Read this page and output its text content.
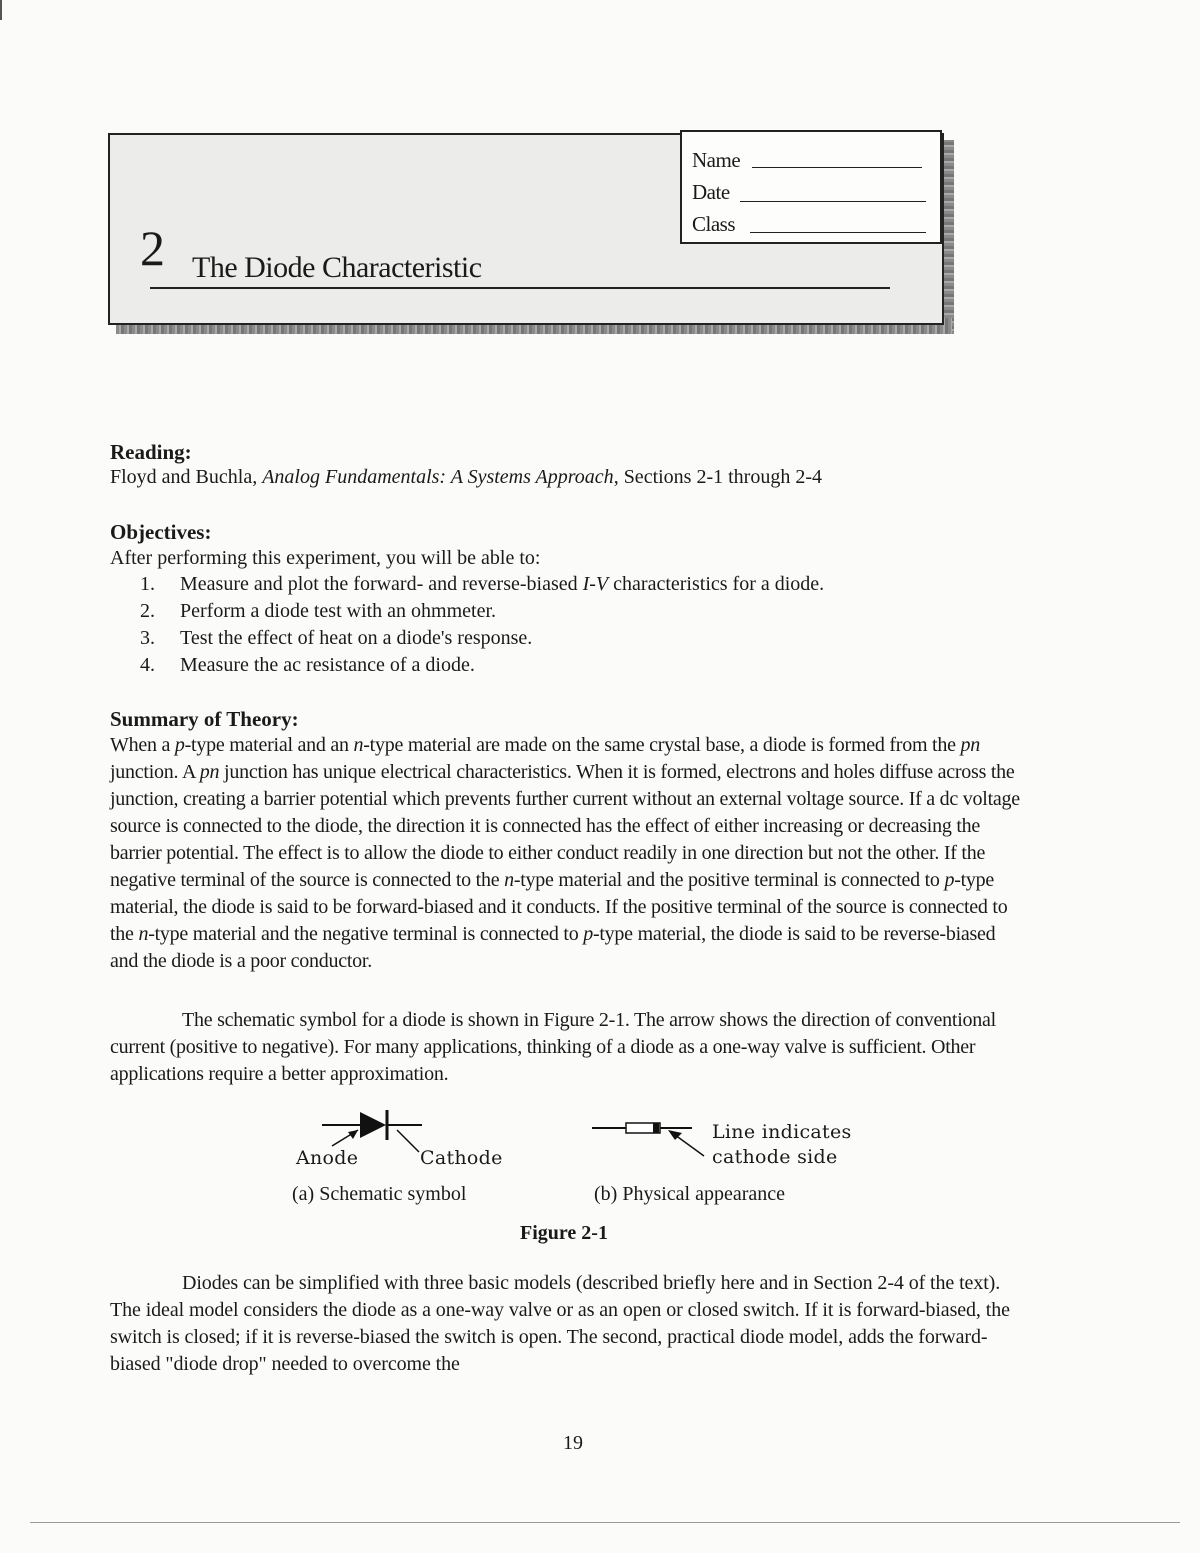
2 The Diode Characteristic
Name
Date
Class
Reading:
Floyd and Buchla, Analog Fundamentals: A Systems Approach, Sections 2-1 through 2-4
Objectives:
After performing this experiment, you will be able to:
1.	Measure and plot the forward- and reverse-biased I-V characteristics for a diode.
2.	Perform a diode test with an ohmmeter.
3.	Test the effect of heat on a diode's response.
4.	Measure the ac resistance of a diode.
Summary of Theory:
When a p-type material and an n-type material are made on the same crystal base, a diode is formed from the pn junction. A pn junction has unique electrical characteristics. When it is formed, electrons and holes diffuse across the junction, creating a barrier potential which prevents further current without an external voltage source. If a dc voltage source is connected to the diode, the direction it is connected has the effect of either increasing or decreasing the barrier potential. The effect is to allow the diode to either conduct readily in one direction but not the other. If the negative terminal of the source is connected to the n-type material and the positive terminal is connected to p-type material, the diode is said to be forward-biased and it conducts. If the positive terminal of the source is connected to the n-type material and the negative terminal is connected to p-type material, the diode is said to be reverse-biased and the diode is a poor conductor.
The schematic symbol for a diode is shown in Figure 2-1. The arrow shows the direction of conventional current (positive to negative). For many applications, thinking of a diode as a one-way valve is sufficient. Other applications require a better approximation.
Anode	Cathode
Line indicates
cathode side
(a) Schematic symbol	(b) Physical appearance
Figure 2-1
Diodes can be simplified with three basic models (described briefly here and in Section 2-4 of the text). The ideal model considers the diode as a one-way valve or as an open or closed switch. If it is forward-biased, the switch is closed; if it is reverse-biased the switch is open. The second, practical diode model, adds the forward-biased "diode drop" needed to overcome the
19
